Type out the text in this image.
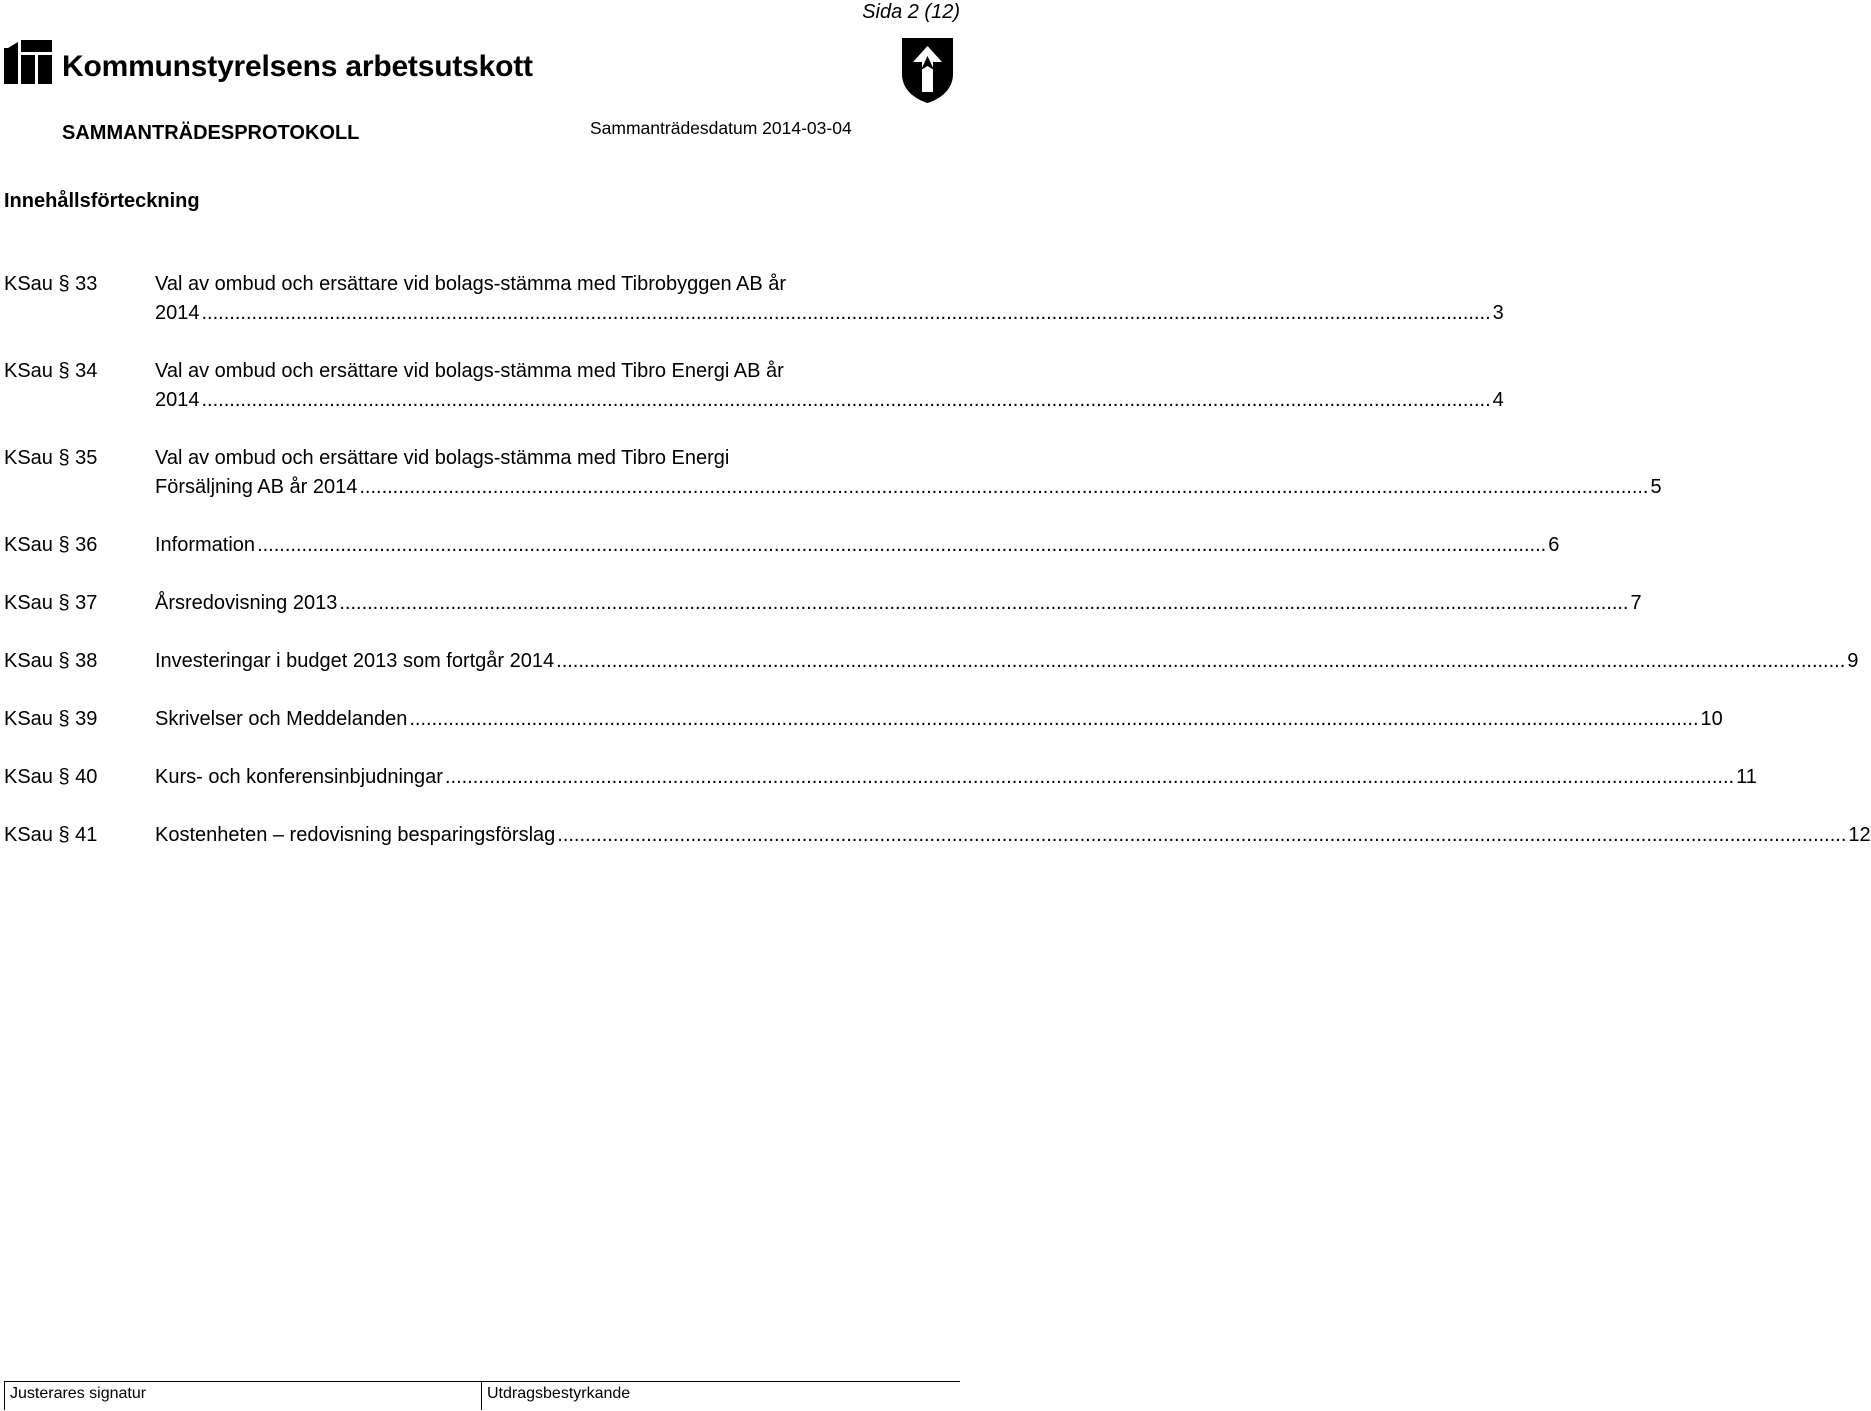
Sida 2 (12)
Kommunstyrelsens arbetsutskott
SAMMANTRÄDESPROTOKOLL	Sammanträdesdatum 2014-03-04
Innehållsförteckning
KSau § 33	Val av ombud och ersättare vid bolags-stämma med Tibrobyggen AB år
2014 .....	3
KSau § 34	Val av ombud och ersättare vid bolags-stämma med Tibro Energi AB år
2014 .....	4
KSau § 35	Val av ombud och ersättare vid bolags-stämma med Tibro Energi
Försäljning AB år 2014 .....	5
KSau § 36	Information .....	6
KSau § 37	Årsredovisning 2013 .....	7
KSau § 38	Investeringar i budget 2013 som fortgår 2014 .....	9
KSau § 39	Skrivelser och Meddelanden .....	10
KSau § 40	Kurs- och konferensinbjudningar .....	11
KSau § 41	Kostenheten – redovisning besparingsförslag .....	12
Justerares signatur	Utdragsbestyrkande
